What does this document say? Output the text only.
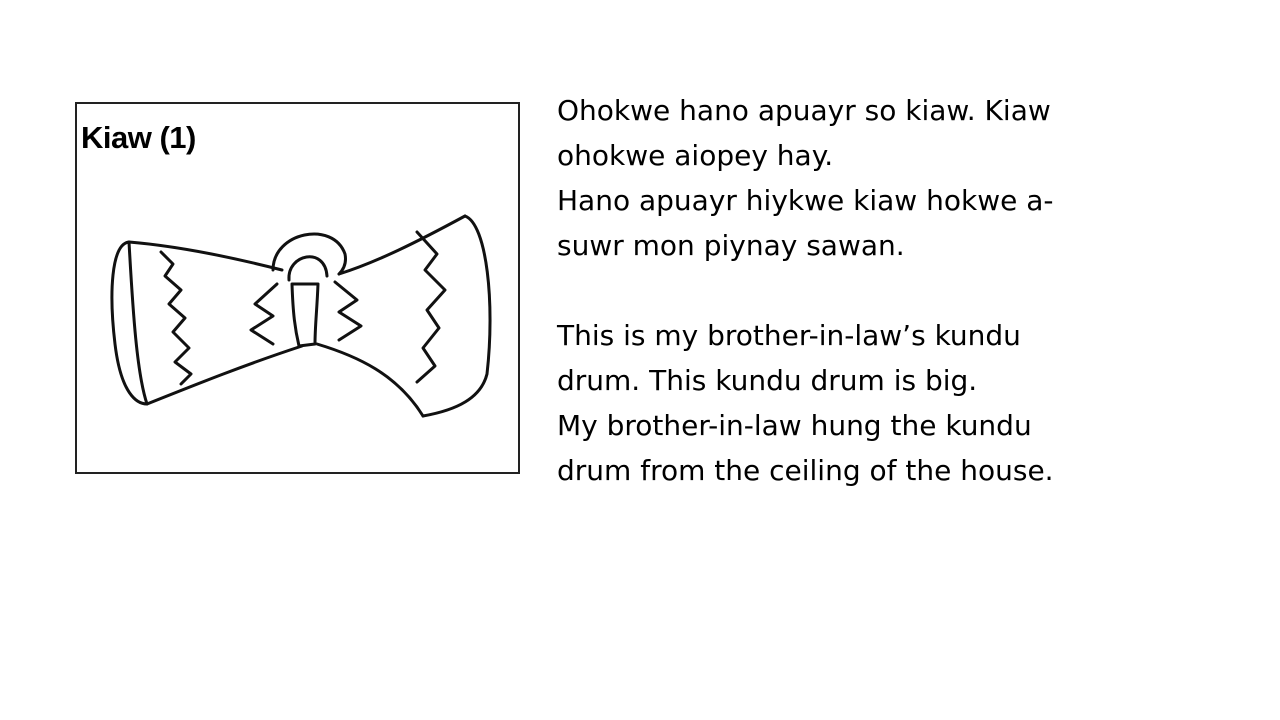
Kiaw (1)
Ohokwe hano apuayr so kiaw. Kiaw
ohokwe aiopey hay.
Hano apuayr hiykwe kiaw hokwe a-
suwr mon piynay sawan.
This is my brother-in-law’s kundu
drum. This kundu drum is big.
My brother-in-law hung the kundu
drum from the ceiling of the house.
